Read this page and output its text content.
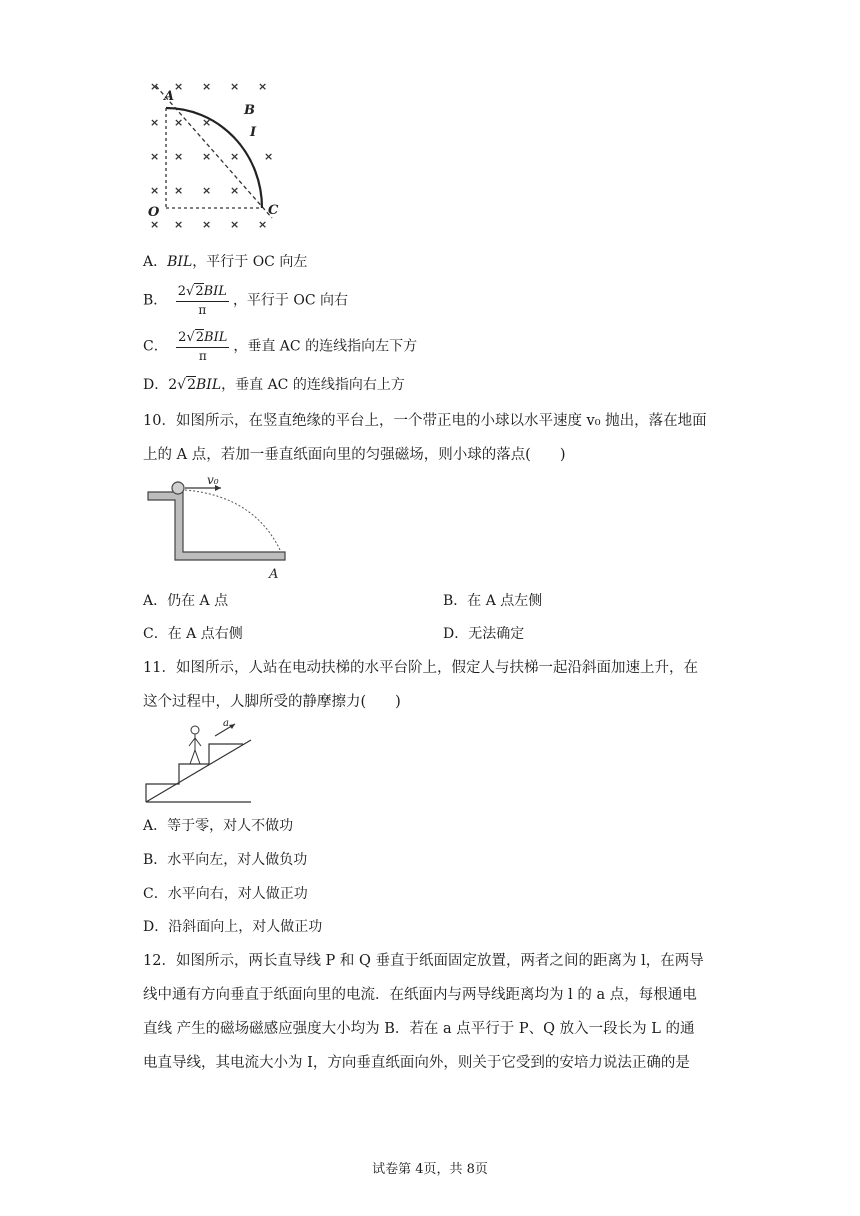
× × × × ×
× × ×
× × × × ×
× × ×
×
× × × × ×
A
B
I
O	C
A．BIL，平行于 OC 向左
B． $\frac{\text{2√2BIL}}{\pi}$ ，平行于 OC 向右
C． $\frac{\text{2√2BIL}}{\pi}$ ，垂直 AC 的连线指向左下方
D．2√2BIL，垂直 AC 的连线指向右上方
10．如图所示，在竖直绝缘的平台上，一个带正电的小球以水平速度 v₀ 抛出，落在地面
上的 A 点，若加一垂直纸面向里的匀强磁场，则小球的落点(　　)
v₀
A
A．仍在 A 点	B．在 A 点左侧
C．在 A 点右侧	D．无法确定
11．如图所示，人站在电动扶梯的水平台阶上，假定人与扶梯一起沿斜面加速上升，在
这个过程中，人脚所受的静摩擦力(　　)
a
A．等于零，对人不做功
B．水平向左，对人做负功
C．水平向右，对人做正功
D．沿斜面向上，对人做正功
12．如图所示，两长直导线 P 和 Q 垂直于纸面固定放置，两者之间的距离为 l，在两导
线中通有方向垂直于纸面向里的电流．在纸面内与两导线距离均为 l 的 a 点，每根通电
直线 产生的磁场磁感应强度大小均为 B．若在 a 点平行于 P、Q 放入一段长为 L 的通
电直导线，其电流大小为 I，方向垂直纸面向外，则关于它受到的安培力说法正确的是
试卷第 4页，共 8页
